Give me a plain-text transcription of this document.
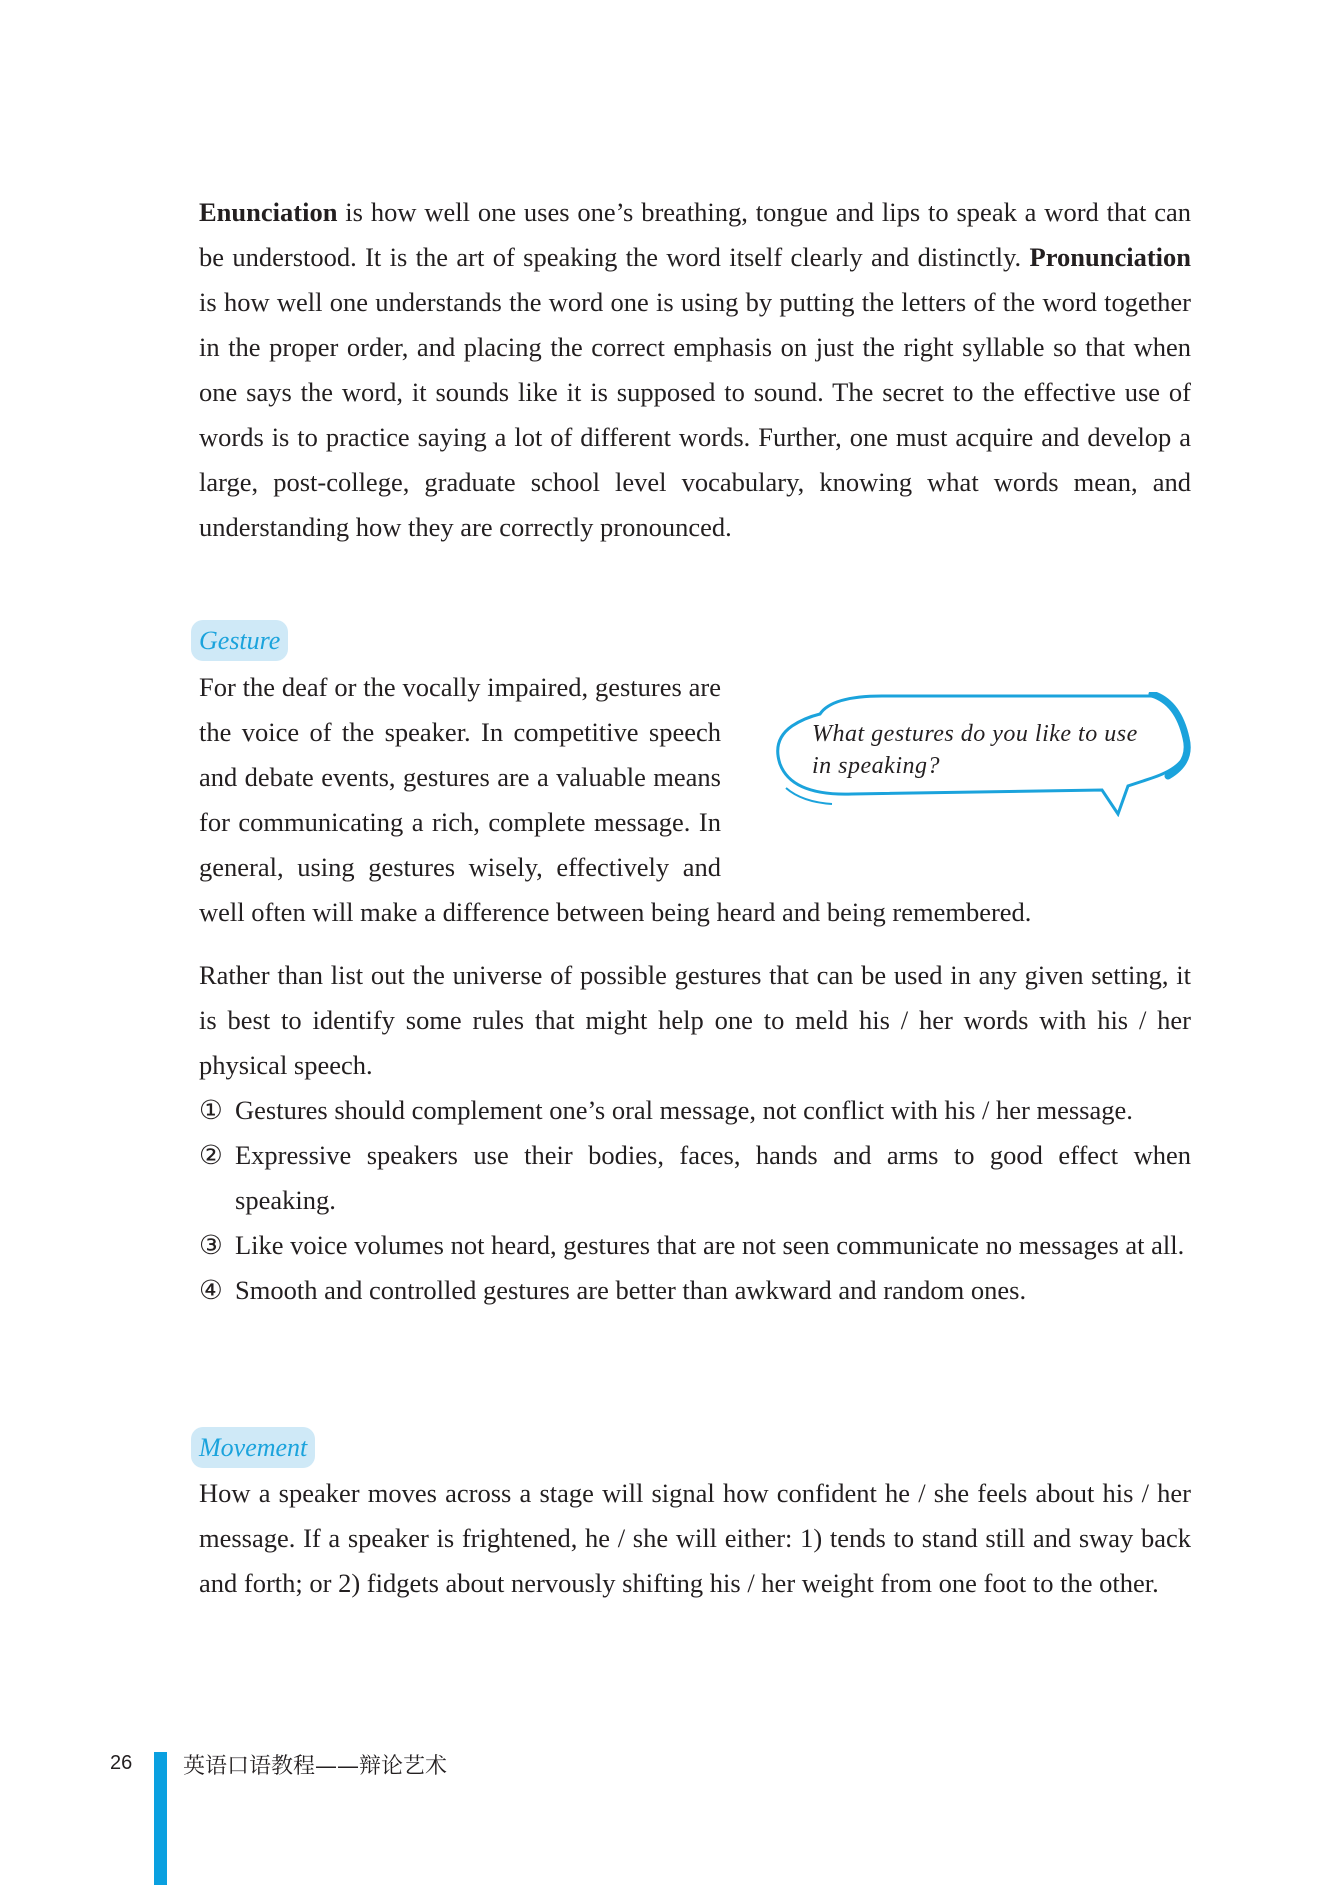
Enunciation is how well one uses one’s breathing, tongue and lips to speak a word that can be understood. It is the art of speaking the word itself clearly and distinctly. Pronunciation is how well one understands the word one is using by putting the letters of the word together in the proper order, and placing the correct emphasis on just the right syllable so that when one says the word, it sounds like it is supposed to sound. The secret to the effective use of words is to practice saying a lot of different words. Further, one must acquire and develop a large, post-college, graduate school level vocabulary, knowing what words mean, and understanding how they are correctly pronounced.

Gesture

For the deaf or the vocally impaired, gestures are the voice of the speaker. In competitive speech and debate events, gestures are a valuable means for communicating a rich, complete message. In general, using gestures wisely, effectively and well often will make a difference between being heard and being remembered.

What gestures do you like to use in speaking?

Rather than list out the universe of possible gestures that can be used in any given setting, it is best to identify some rules that might help one to meld his / her words with his / her physical speech.

① Gestures should complement one’s oral message, not conflict with his / her message.

② Expressive speakers use their bodies, faces, hands and arms to good effect when speaking.

③ Like voice volumes not heard, gestures that are not seen communicate no messages at all.

④ Smooth and controlled gestures are better than awkward and random ones.

Movement

How a speaker moves across a stage will signal how confident he / she feels about his / her message. If a speaker is frightened, he / she will either: 1) tends to stand still and sway back and forth; or 2) fidgets about nervously shifting his / her weight from one foot to the other.

26 英语口语教程——辩论艺术
